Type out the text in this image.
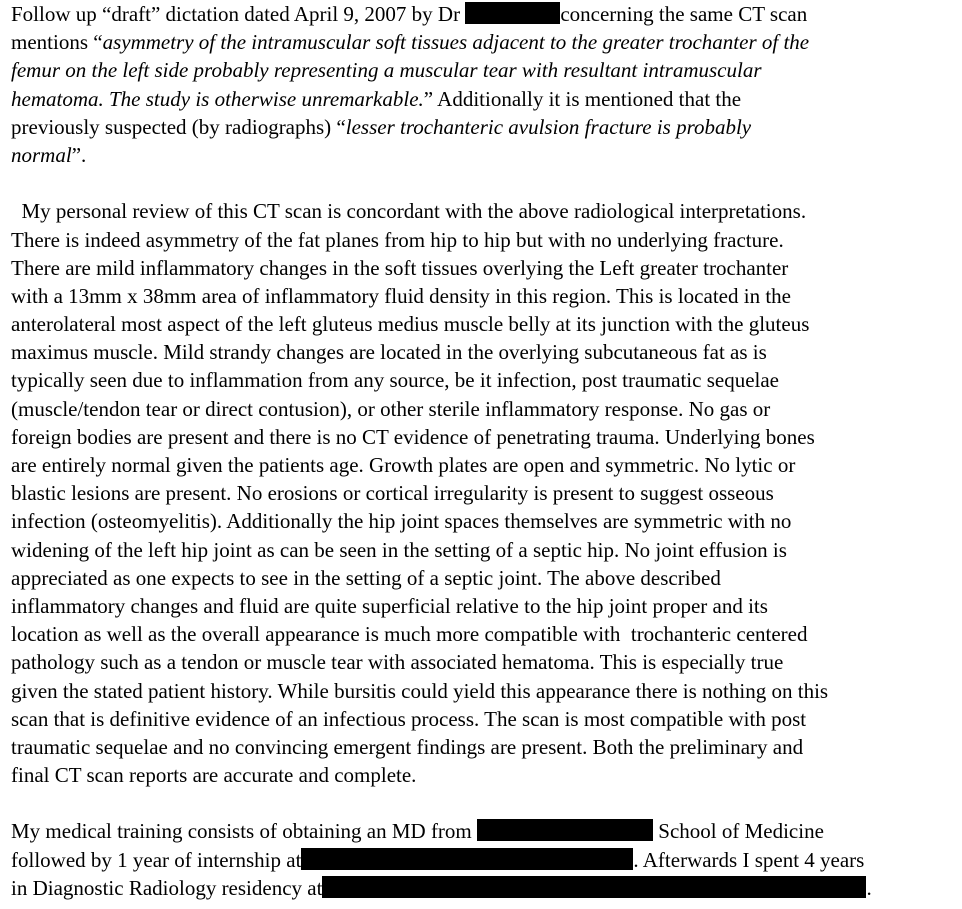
Follow up “draft” dictation dated April 9, 2007 by Dr	concerning the same CT scan
mentions “asymmetry of the intramuscular soft tissues adjacent to the greater trochanter of the
femur on the left side probably representing a muscular tear with resultant intramuscular
hematoma. The study is otherwise unremarkable.” Additionally it is mentioned that the
previously suspected (by radiographs) “lesser trochanteric avulsion fracture is probably
normal”.
My personal review of this CT scan is concordant with the above radiological interpretations.
There is indeed asymmetry of the fat planes from hip to hip but with no underlying fracture.
There are mild inflammatory changes in the soft tissues overlying the Left greater trochanter
with a 13mm x 38mm area of inflammatory fluid density in this region. This is located in the
anterolateral most aspect of the left gluteus medius muscle belly at its junction with the gluteus
maximus muscle. Mild strandy changes are located in the overlying subcutaneous fat as is
typically seen due to inflammation from any source, be it infection, post traumatic sequelae
(muscle/tendon tear or direct contusion), or other sterile inflammatory response. No gas or
foreign bodies are present and there is no CT evidence of penetrating trauma. Underlying bones
are entirely normal given the patients age. Growth plates are open and symmetric. No lytic or
blastic lesions are present. No erosions or cortical irregularity is present to suggest osseous
infection (osteomyelitis). Additionally the hip joint spaces themselves are symmetric with no
widening of the left hip joint as can be seen in the setting of a septic hip. No joint effusion is
appreciated as one expects to see in the setting of a septic joint. The above described
inflammatory changes and fluid are quite superficial relative to the hip joint proper and its
location as well as the overall appearance is much more compatible with  trochanteric centered
pathology such as a tendon or muscle tear with associated hematoma. This is especially true
given the stated patient history. While bursitis could yield this appearance there is nothing on this
scan that is definitive evidence of an infectious process. The scan is most compatible with post
traumatic sequelae and no convincing emergent findings are present. Both the preliminary and
final CT scan reports are accurate and complete.
My medical training consists of obtaining an MD from	School of Medicine
followed by 1 year of internship at	. Afterwards I spent 4 years
in Diagnostic Radiology residency at	.
